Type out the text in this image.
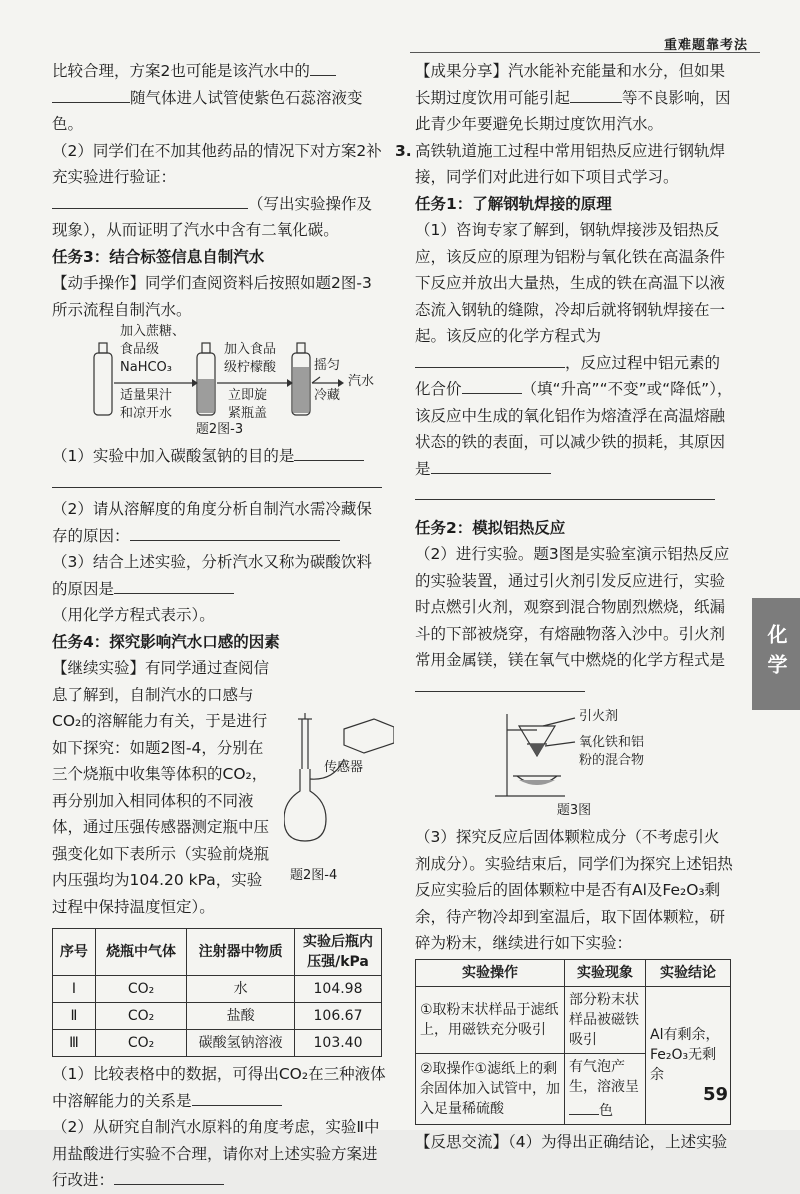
重难题靠考法

比较合理，方案2也可能是该汽水中的

随气体进人试管使紫色石蕊溶液变色。

（2）同学们在不加其他药品的情况下对方案2补充实验进行验证：

（写出实验操作及现象），从而证明了汽水中含有二氧化碳。

任务3：结合标签信息自制汽水

【动手操作】同学们查阅资料后按照如题2图-3所示流程自制汽水。

加入蔗糖、
食品级
NaHCO₃
适量果汁
和凉开水
加入食品
级柠檬酸
立即旋
紧瓶盖
摇匀
冷藏
汽水
题2图-3

（1）实验中加入碳酸氢钠的目的是

（2）请从溶解度的角度分析自制汽水需冷藏保存的原因：

（3）结合上述实验，分析汽水又称为碳酸饮料的原因是

（用化学方程式表示）。

任务4：探究影响汽水口感的因素

【继续实验】有同学通过查阅信息了解到，自制汽水的口感与CO₂的溶解能力有关，于是进行如下探究：如题2图-4，分别在三个烧瓶中收集等体积的CO₂，再分别加入相同体积的不同液体，通过压强传感器测定瓶中压强变化如下表所示（实验前烧瓶内压强均为104.20 kPa，实验过程中保持温度恒定）。

传感器
题2图-4
序号	烧瓶中气体	注射器中物质	实验后瓶内压强/kPa
Ⅰ	CO₂	水	104.98
Ⅱ	CO₂	盐酸	106.67
Ⅲ	CO₂	碳酸氢钠溶液	103.40

（1）比较表格中的数据，可得出CO₂在三种液体中溶解能力的关系是

（2）从研究自制汽水原料的角度考虑，实验Ⅱ中用盐酸进行实验不合理，请你对上述实验方案进行改进：

【成果分享】汽水能补充能量和水分，但如果长期过度饮用可能引起	等不良影响，因此青少年要避免长期过度饮用汽水。

3. 高铁轨道施工过程中常用铝热反应进行钢轨焊接，同学们对此进行如下项目式学习。

任务1：了解钢轨焊接的原理

（1）咨询专家了解到，钢轨焊接涉及铝热反应，该反应的原理为铝粉与氧化铁在高温条件下反应并放出大量热，生成的铁在高温下以液态流入钢轨的缝隙，冷却后就将钢轨焊接在一起。该反应的化学方程式为，反应过程中铝元素的化合价	（填“升高”“不变”或“降低”），该反应中生成的氧化铝作为熔渣浮在高温熔融状态的铁的表面，可以减少铁的损耗，其原因是

任务2：模拟铝热反应

（2）进行实验。题3图是实验室演示铝热反应的实验装置，通过引火剂引发反应进行，实验时点燃引火剂，观察到混合物剧烈燃烧，纸漏斗的下部被烧穿，有熔融物落入沙中。引火剂常用金属镁，镁在氧气中燃烧的化学方程式是

引火剂
氧化铁和铝
粉的混合物
题3图

（3）探究反应后固体颗粒成分（不考虑引火剂成分）。实验结束后，同学们为探究上述铝热反应实验后的固体颗粒中是否有Al及Fe₂O₃剩余，待产物冷却到室温后，取下固体颗粒，研碎为粉末，继续进行如下实验：

实验操作	实验现象	实验结论
①取粉末状样品于滤纸上，用磁铁充分吸引	部分粉末状样品被磁铁吸引	Al有剩余，Fe₂O₃无剩余
②取操作①滤纸上的剩余固体加入试管中，加入足量稀硫酸	有气泡产生，溶液呈色	

【反思交流】（4）为得出正确结论，上述实验

化学
59
